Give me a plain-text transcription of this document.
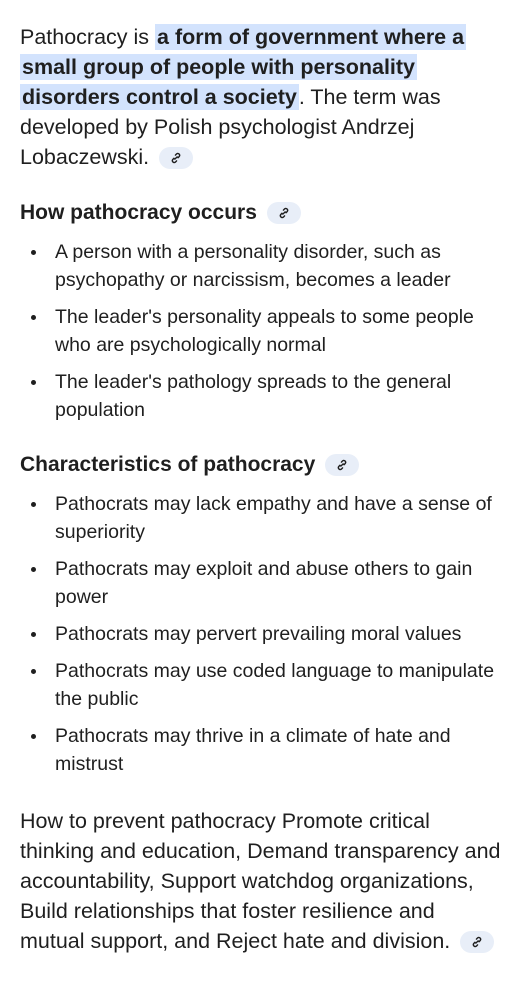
Pathocracy is a form of government where a small group of people with personality disorders control a society. The term was developed by Polish psychologist Andrzej Lobaczewski.

How pathocracy occurs
A person with a personality disorder, such as psychopathy or narcissism, becomes a leader
The leader's personality appeals to some people who are psychologically normal
The leader's pathology spreads to the general population
Characteristics of pathocracy
Pathocrats may lack empathy and have a sense of superiority
Pathocrats may exploit and abuse others to gain power
Pathocrats may pervert prevailing moral values
Pathocrats may use coded language to manipulate the public
Pathocrats may thrive in a climate of hate and mistrust

How to prevent pathocracy Promote critical thinking and education, Demand transparency and accountability, Support watchdog organizations, Build relationships that foster resilience and mutual support, and Reject hate and division.
